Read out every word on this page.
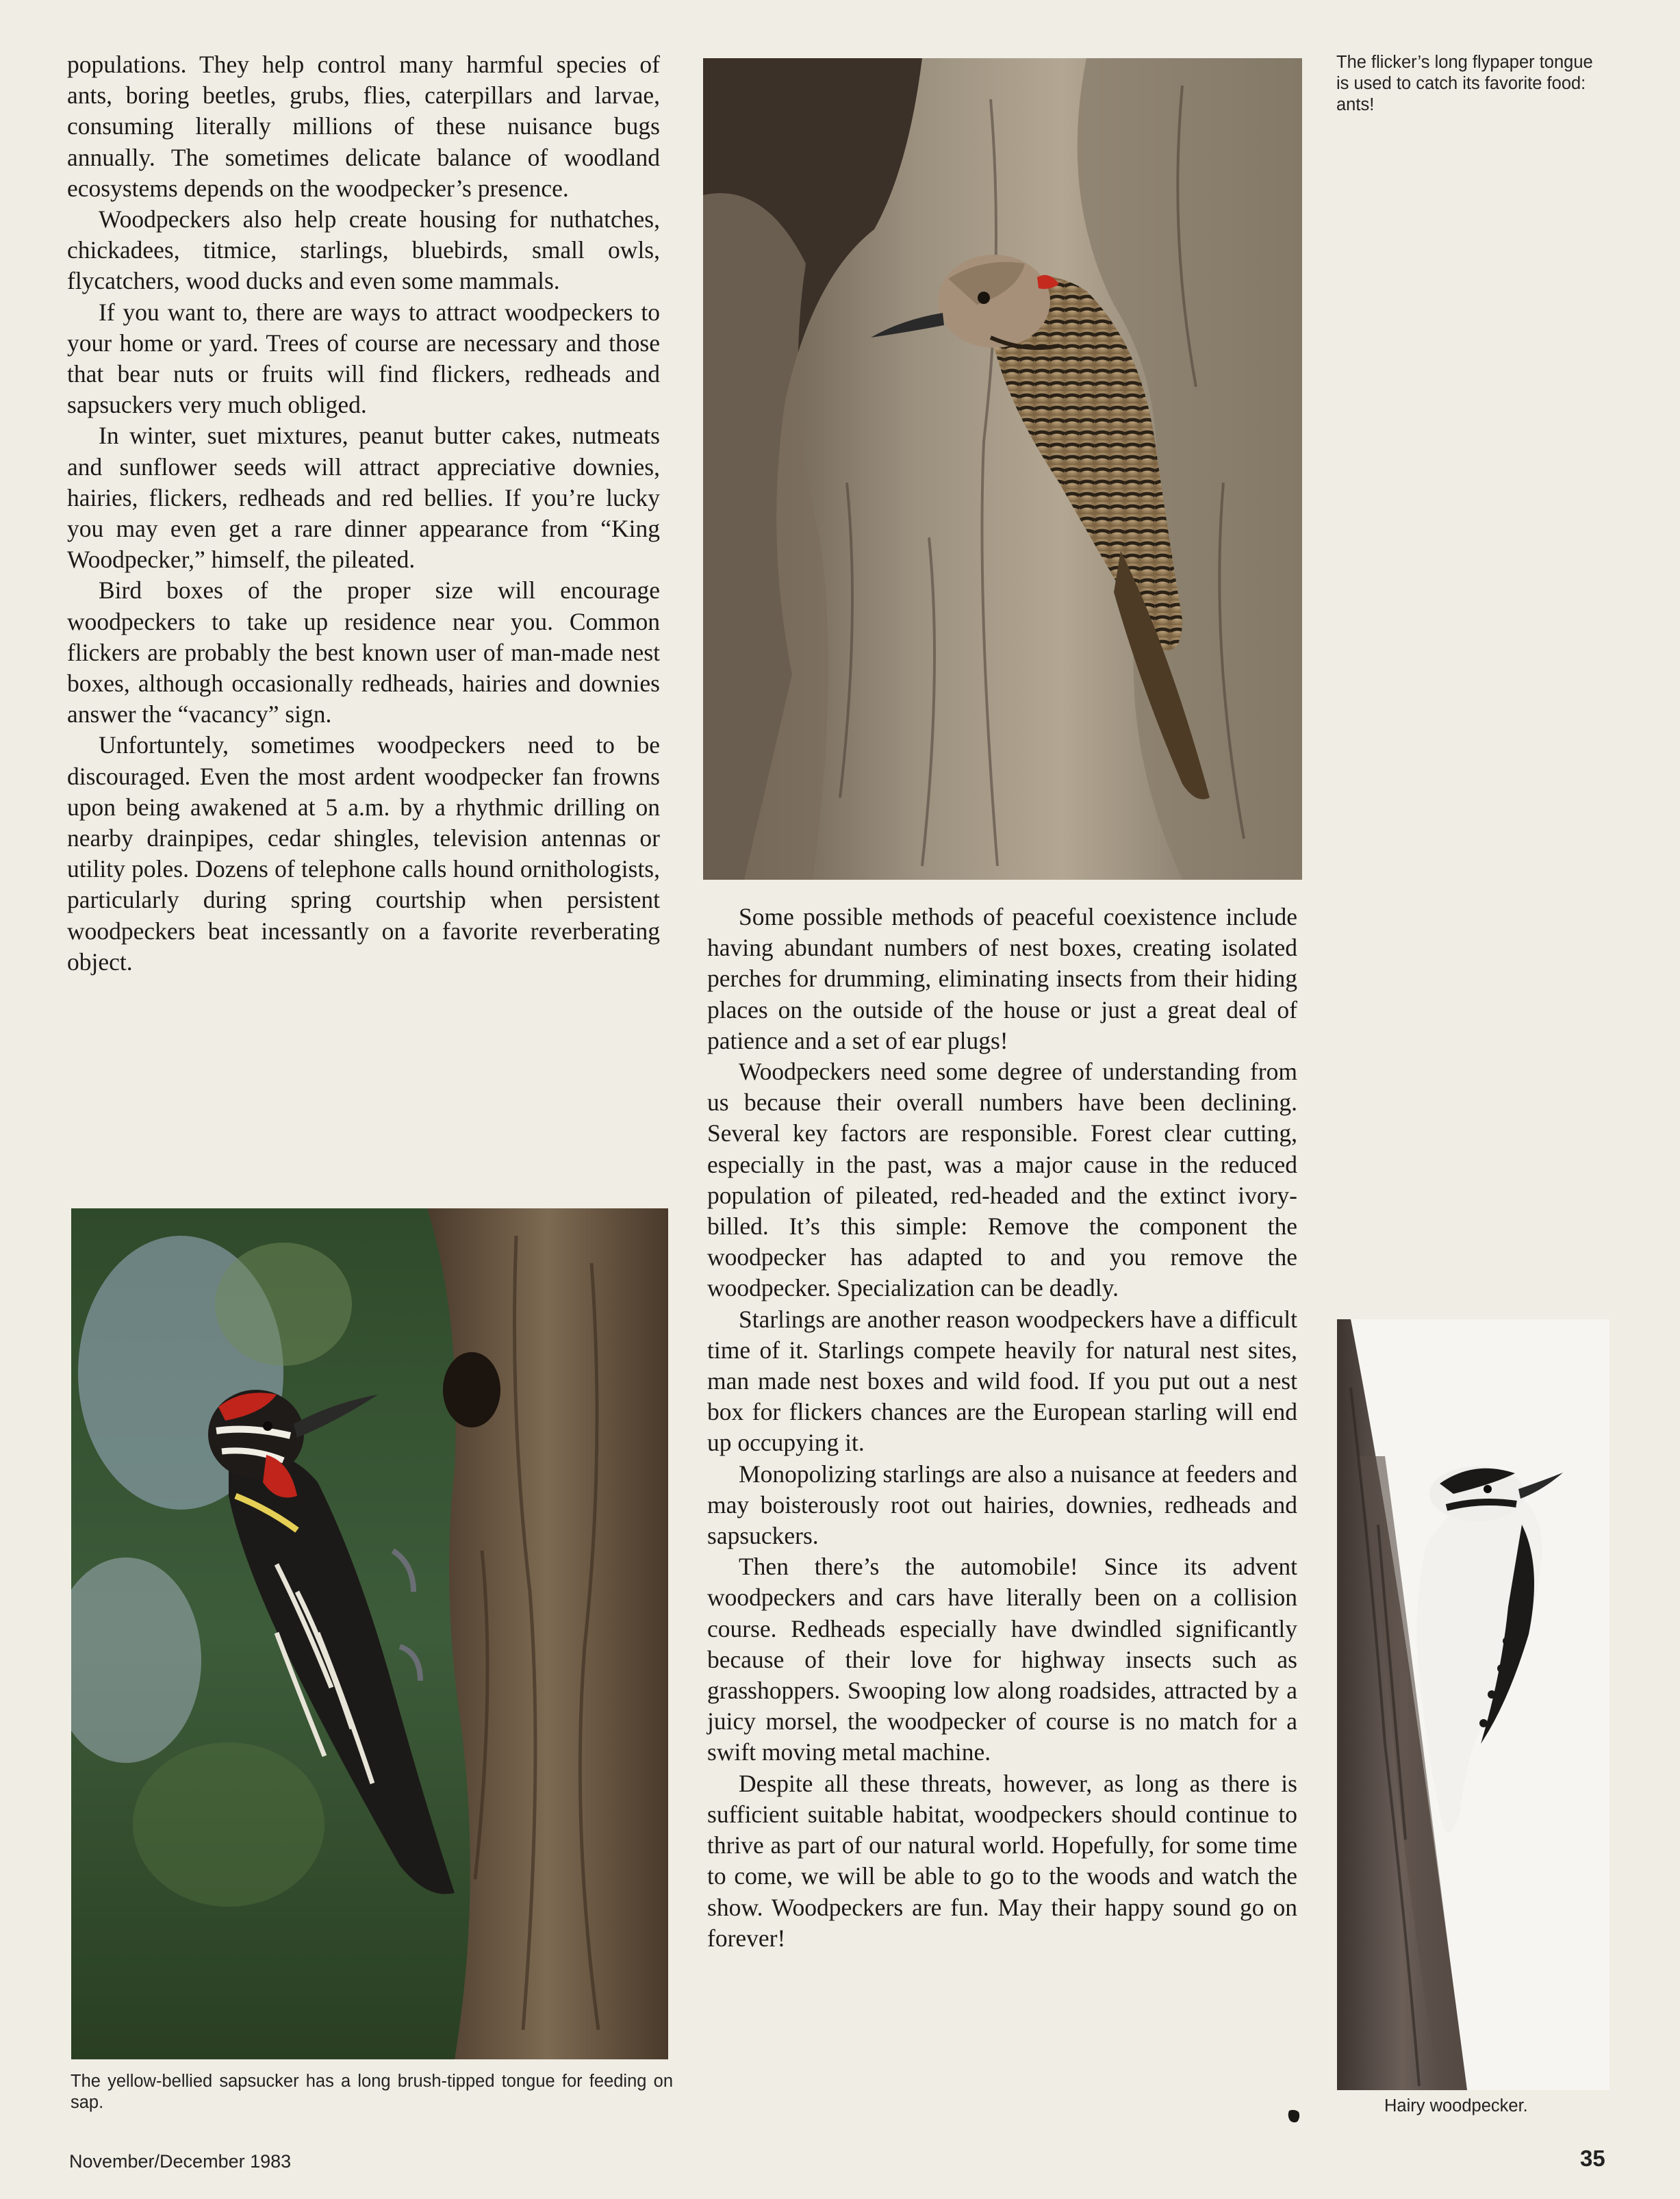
populations. They help control many harmful species of ants, boring beetles, grubs, flies, caterpillars and larvae, consuming literally millions of these nuisance bugs annually. The sometimes delicate balance of woodland ecosystems depends on the woodpecker’s presence.

Woodpeckers also help create housing for nuthatches, chickadees, titmice, starlings, bluebirds, small owls, flycatchers, wood ducks and even some mammals.

If you want to, there are ways to attract woodpeckers to your home or yard. Trees of course are necessary and those that bear nuts or fruits will find flickers, redheads and sapsuckers very much obliged.

In winter, suet mixtures, peanut butter cakes, nutmeats and sunflower seeds will attract appreciative downies, hairies, flickers, redheads and red bellies. If you’re lucky you may even get a rare dinner appearance from “King Woodpecker,” himself, the pileated.

Bird boxes of the proper size will encourage woodpeckers to take up residence near you. Common flickers are probably the best known user of man-made nest boxes, although occasionally redheads, hairies and downies answer the “vacancy” sign.

Unfortuntely, sometimes woodpeckers need to be discouraged. Even the most ardent woodpecker fan frowns upon being awakened at 5 a.m. by a rhythmic drilling on nearby drainpipes, cedar shingles, television antennas or utility poles. Dozens of telephone calls hound ornithologists, particularly during spring courtship when persistent woodpeckers beat incessantly on a favorite reverberating object.

The flicker’s long flypaper tongue is used to catch its favorite food: ants!
The yellow-bellied sapsucker has a long brush-tipped tongue for feeding on sap.

Some possible methods of peaceful coexistence include having abundant numbers of nest boxes, creating isolated perches for drumming, eliminating insects from their hiding places on the outside of the house or just a great deal of patience and a set of ear plugs!

Woodpeckers need some degree of understanding from us because their overall numbers have been declining. Several key factors are responsible. Forest clear cutting, especially in the past, was a major cause in the reduced population of pileated, red-headed and the extinct ivory-billed. It’s this simple: Remove the component the woodpecker has adapted to and you remove the woodpecker. Specialization can be deadly.

Starlings are another reason woodpeckers have a difficult time of it. Starlings compete heavily for natural nest sites, man made nest boxes and wild food. If you put out a nest box for flickers chances are the European starling will end up occupying it.

Monopolizing starlings are also a nuisance at feeders and may boisterously root out hairies, downies, redheads and sapsuckers.

Then there’s the automobile! Since its advent woodpeckers and cars have literally been on a collision course. Redheads especially have dwindled significantly because of their love for highway insects such as grasshoppers. Swooping low along roadsides, attracted by a juicy morsel, the woodpecker of course is no match for a swift moving metal machine.

Despite all these threats, however, as long as there is sufficient suitable habitat, woodpeckers should continue to thrive as part of our natural world. Hopefully, for some time to come, we will be able to go to the woods and watch the show. Woodpeckers are fun. May their happy sound go on forever!

Hairy woodpecker.
November/December 1983	35
